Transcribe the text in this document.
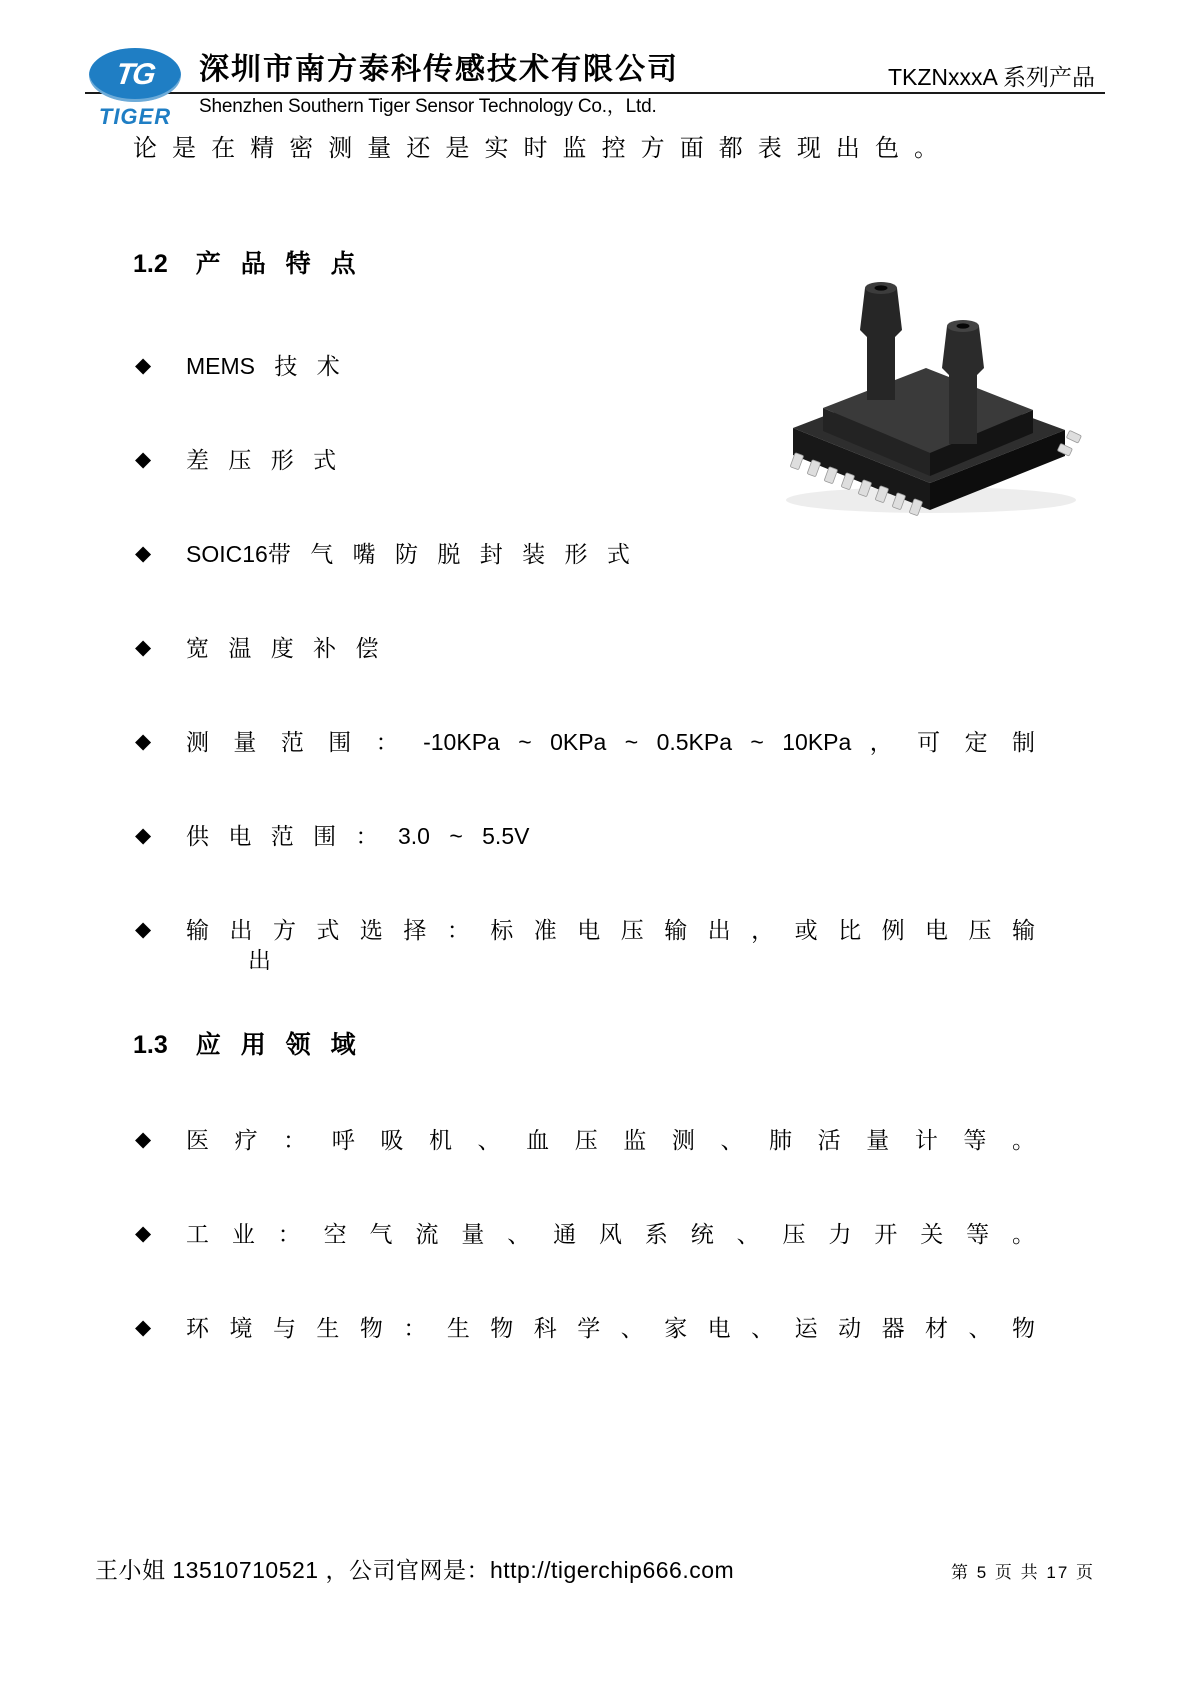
TG
TIGER
深圳市南方泰科传感技术有限公司
Shenzhen Southern Tiger Sensor Technology Co.，Ltd.
TKZNxxxA 系列产品

论 是 在 精 密 测 量 还 是 实 时 监 控 方 面 都 表 现 出 色 。

1.2 产 品 特 点
◆	MEMS 技 术
◆	差 压 形 式
◆	SOIC16带 气 嘴 防 脱 封 装 形 式
◆	宽 温 度 补 偿
◆	测 量 范 围 ： -10KPa ~ 0KPa ~ 0.5KPa ~ 10KPa ， 可 定 制
◆	供 电 范 围 ： 3.0 ~ 5.5V
◆	输 出 方 式 选 择 ： 标 准 电 压 输 出 ， 或 比 例 电 压 输

出

1.3 应 用 领 域
◆	医 疗 ： 呼 吸 机 、 血 压 监 测 、 肺 活 量 计 等 。
◆	工 业 ： 空 气 流 量 、 通 风 系 统 、 压 力 开 关 等 。
◆	环 境 与 生 物 ： 生 物 科 学 、 家 电 、 运 动 器 材 、 物
王小姐 13510710521 ，公司官网是：http://tigerchip666.com	第 5 页 共 17 页
